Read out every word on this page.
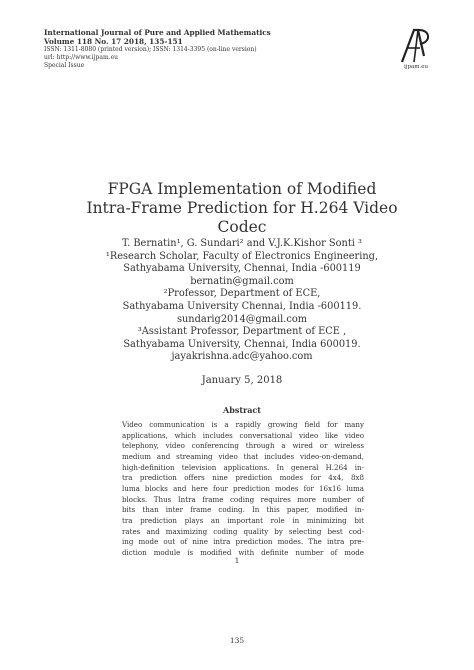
International Journal of Pure and Applied Mathematics
Volume 118 No. 17 2018, 135-151
ISSN: 1311-8080 (printed version); ISSN: 1314-3395 (on-line version)
url: http://www.ijpam.eu
Special Issue	ijpam.eu
FPGA Implementation of Modified
Intra-Frame Prediction for H.264 Video
Codec
T. Bernatin¹, G. Sundari² and V.J.K.Kishor Sonti ³
¹Research Scholar, Faculty of Electronics Engineering,
Sathyabama University, Chennai, India -600119
bernatin@gmail.com
²Professor, Department of ECE,
Sathyabama University Chennai, India -600119.
sundarig2014@gmail.com
³Assistant Professor, Department of ECE ,
Sathyabama University, Chennai, India 600019.
jayakrishna.adc@yahoo.com
January 5, 2018
Abstract
Video communication is a rapidly growing field for many
applications, which includes conversational video like video
telephony, video conferencing through a wired or wireless
medium and streaming video that includes video-on-demand,
high-definition television applications. In general H.264 in-
tra prediction offers nine prediction modes for 4x4, 8x8
luma blocks and here four prediction modes for 16x16 luma
blocks. Thus Intra frame coding requires more number of
bits than inter frame coding. In this paper, modified in-
tra prediction plays an important role in minimizing bit
rates and maximizing coding quality by selecting best cod-
ing mode out of nine intra prediction modes. The intra pre-
diction module is modified with definite number of mode
1
135
